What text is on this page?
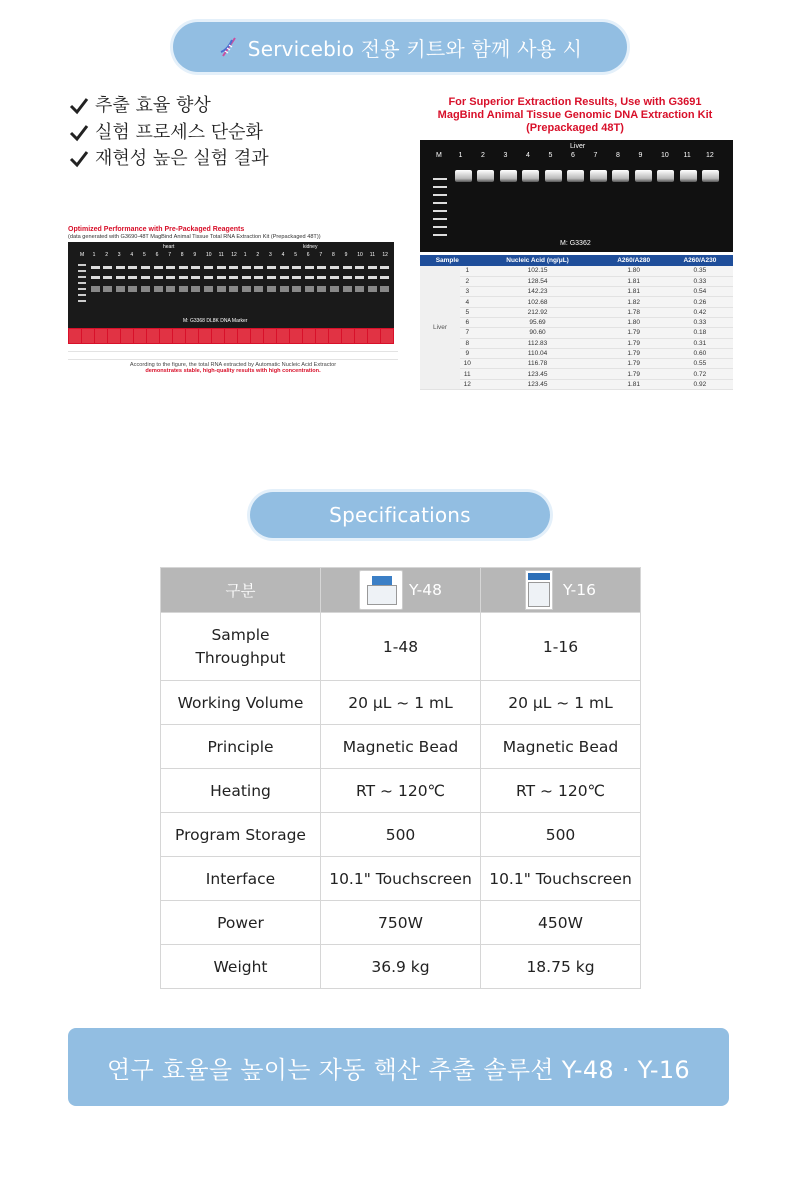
Servicebio 전용 키트와 함께 사용 시
추출 효율 향상
실험 프로세스 단순화
재현성 높은 실험 결과
Optimized Performance with Pre-Packaged Reagents
(data generated with G3690-48T MagBind Animal Tissue Total RNA Extraction Kit (Prepackaged 48T))
heart	kidney
M: G3368 DL8K DNA Marker
M 1 2 3 4 5 6 7 8 9 10 11 12 1 2 3 4 5 6 7 8 9 10 11 12
According to the figure, the total RNA extracted by Automatic Nucleic Acid Extractor
demonstrates stable, high-quality results with high concentration.
For Superior Extraction Results, Use with G3691
MagBind Animal Tissue Genomic DNA Extraction Kit
(Prepackaged 48T)
Liver
M: G3362
M 1	2	3	4	5	6	7	8	9	10 11 12
Sample		Nucleic Acid (ng/μL)	A260/A280	A260/A230
Liver	1	102.15	1.80	0.35
	2	128.54	1.81	0.33
	3	142.23	1.81	0.54
	4	102.68	1.82	0.26
	5	212.92	1.78	0.42
	6	95.69	1.80	0.33
	7	90.60	1.79	0.18
	8	112.83	1.79	0.31
	9	110.04	1.79	0.60
	10	116.78	1.79	0.55
	11	123.45	1.79	0.72
	12	123.45	1.81	0.92
Specifications
구분	Y-48	Y-16

Sample Throughput	1-48	1-16
Working Volume	20 μL ~ 1 mL	20 μL ~ 1 mL
Principle	Magnetic Bead	Magnetic Bead
Heating	RT ~ 120℃	RT ~ 120℃
Program Storage	500	500
Interface	10.1" Touchscreen	10.1" Touchscreen
Power	750W	450W
Weight	36.9 kg	18.75 kg
연구 효율을 높이는 자동 핵산 추출 솔루션 Y-48 · Y-16
